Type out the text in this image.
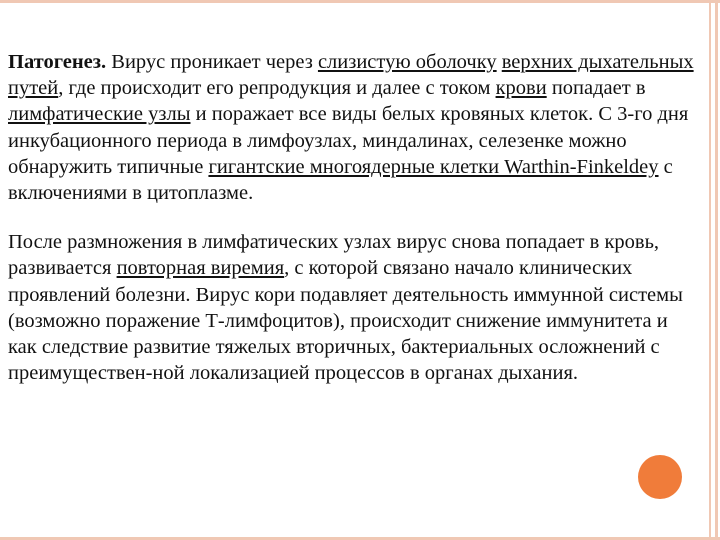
Патогенез. Вирус проникает через слизистую оболочку верхних дыхательных путей, где происходит его репродукция и далее с током крови попадает в лимфатические узлы и поражает все виды белых кровяных клеток. С 3-го дня инкубационного периода в лимфоузлах, миндалинах, селезенке можно обнаружить типичные гигантские многоядерные клетки Warthin-Finkeldey с включениями в цитоплазме.

После размножения в лимфатических узлах вирус снова попадает в кровь, развивается повторная виремия, с которой связано начало клинических проявлений болезни. Вирус кори подавляет деятельность иммунной системы (возможно поражение Т-лимфоцитов), происходит снижение иммунитета и как следствие развитие тяжелых вторичных, бактериальных осложнений с преимуществен-ной локализацией процессов в органах дыхания.
